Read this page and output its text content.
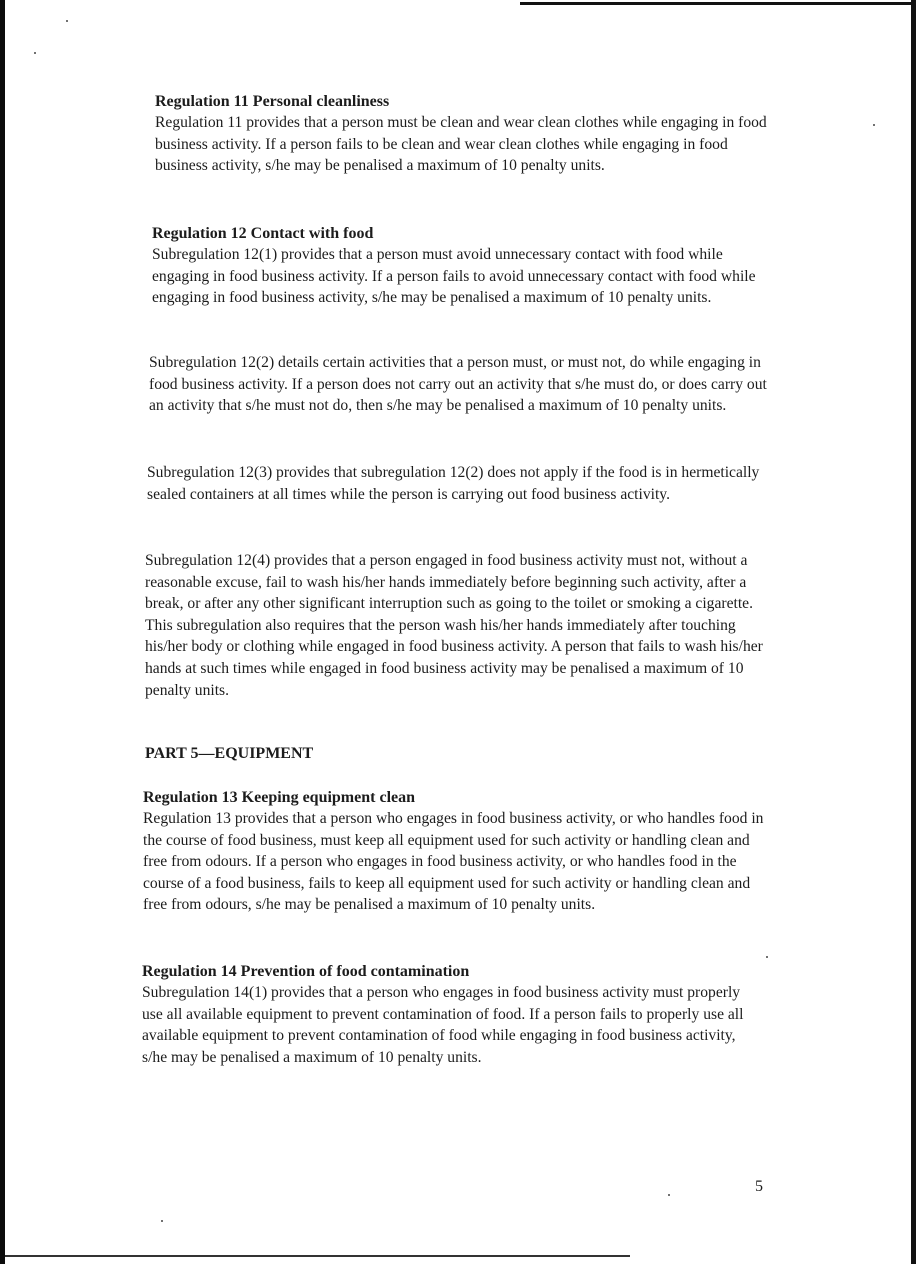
Regulation 11 Personal cleanliness

Regulation 11 provides that a person must be clean and wear clean clothes while engaging in food business activity. If a person fails to be clean and wear clean clothes while engaging in food business activity, s/he may be penalised a maximum of 10 penalty units.

Regulation 12 Contact with food

Subregulation 12(1) provides that a person must avoid unnecessary contact with food while engaging in food business activity. If a person fails to avoid unnecessary contact with food while engaging in food business activity, s/he may be penalised a maximum of 10 penalty units.

Subregulation 12(2) details certain activities that a person must, or must not, do while engaging in food business activity. If a person does not carry out an activity that s/he must do, or does carry out an activity that s/he must not do, then s/he may be penalised a maximum of 10 penalty units.

Subregulation 12(3) provides that subregulation 12(2) does not apply if the food is in hermetically sealed containers at all times while the person is carrying out food business activity.

Subregulation 12(4) provides that a person engaged in food business activity must not, without a reasonable excuse, fail to wash his/her hands immediately before beginning such activity, after a break, or after any other significant interruption such as going to the toilet or smoking a cigarette. This subregulation also requires that the person wash his/her hands immediately after touching his/her body or clothing while engaged in food business activity. A person that fails to wash his/her hands at such times while engaged in food business activity may be penalised a maximum of 10 penalty units.

PART 5—EQUIPMENT

Regulation 13 Keeping equipment clean

Regulation 13 provides that a person who engages in food business activity, or who handles food in the course of food business, must keep all equipment used for such activity or handling clean and free from odours. If a person who engages in food business activity, or who handles food in the course of a food business, fails to keep all equipment used for such activity or handling clean and free from odours, s/he may be penalised a maximum of 10 penalty units.

Regulation 14 Prevention of food contamination

Subregulation 14(1) provides that a person who engages in food business activity must properly use all available equipment to prevent contamination of food. If a person fails to properly use all available equipment to prevent contamination of food while engaging in food business activity, s/he may be penalised a maximum of 10 penalty units.

5
